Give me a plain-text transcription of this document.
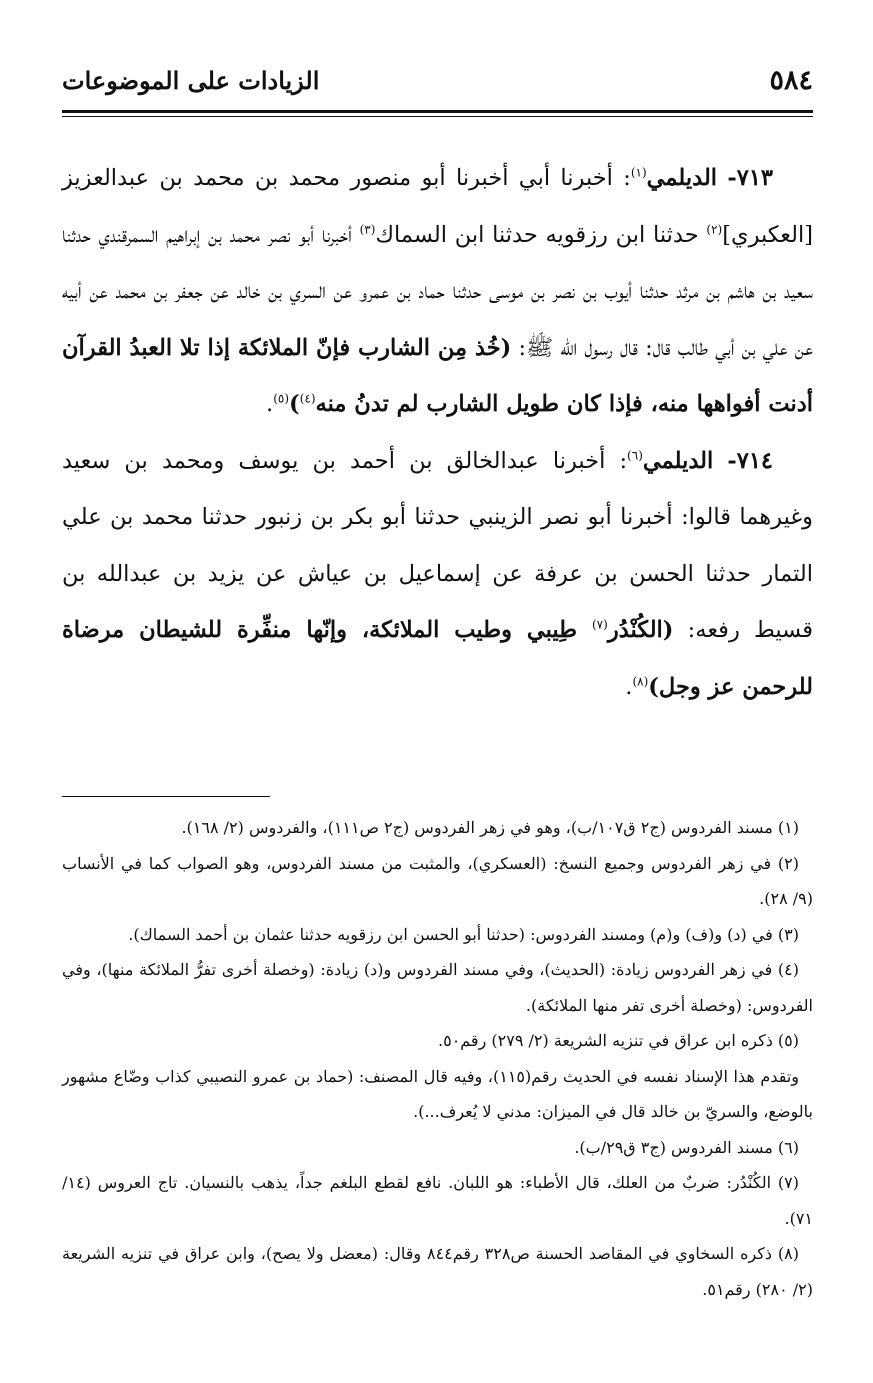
٥٨٤
الزيادات على الموضوعات

٧١٣- الديلمي$^{(١)}$: أخبرنا أبي أخبرنا أبو منصور محمد بن محمد بن عبدالعزيز [العكبري]$^{(٢)}$ حدثنا ابن رزقويه حدثنا ابن السماك$^{(٣)}$ أخبرنا أبو نصر محمد بن إبراهيم السمرقندي حدثنا سعيد بن هاشم بن مرثد حدثنا أيوب بن نصر بن موسى حدثنا حماد بن عمرو عن السري بن خالد عن جعفر بن محمد عن أبيه عن علي بن أبي طالب قال: قال رسول الله ﷺ: (خُذ مِن الشارب فإنّ الملائكة إذا تلا العبدُ القرآن أدنت أفواهها منه، فإذا كان طويل الشارب لم تدنُ منه$^{(٤)}$)$^{(٥)}$.

٧١٤- الديلمي$^{(٦)}$: أخبرنا عبدالخالق بن أحمد بن يوسف ومحمد بن سعيد وغيرهما قالوا: أخبرنا أبو نصر الزينبي حدثنا أبو بكر بن زنبور حدثنا محمد بن علي التمار حدثنا الحسن بن عرفة عن إسماعيل بن عياش عن يزيد بن عبدالله بن قسيط رفعه: (الكُنْدُر$^{(٧)}$ طِيبي وطيب الملائكة، وإنّها منفِّرة للشيطان مرضاة للرحمن عز وجل)$^{(٨)}$.

(١) مسند الفردوس (ج٢ ق١٠٧/ب)، وهو في زهر الفردوس (ج٢ ص١١١)، والفردوس (٢/ ١٦٨).

(٢) في زهر الفردوس وجميع النسخ: (العسكري)، والمثبت من مسند الفردوس، وهو الصواب كما في الأنساب (٩/ ٢٨).

(٣) في (د) و(ف) و(م) ومسند الفردوس: (حدثنا أبو الحسن ابن رزقويه حدثنا عثمان بن أحمد السماك).

(٤) في زهر الفردوس زيادة: (الحديث)، وفي مسند الفردوس و(د) زيادة: (وخصلة أخرى تفرُّ الملائكة منها)، وفي الفردوس: (وخصلة أخرى تفر منها الملائكة).

(٥) ذكره ابن عراق في تنزيه الشريعة (٢/ ٢٧٩) رقم٥٠.

وتقدم هذا الإسناد نفسه في الحديث رقم(١١٥)، وفيه قال المصنف: (حماد بن عمرو النصيبي كذاب وضّاع مشهور بالوضع، والسريّ بن خالد قال في الميزان: مدني لا يُعرف...).

(٦) مسند الفردوس (ج٣ ق٢٩/ب).

(٧) الكُنْدُر: ضربٌ من العلك، قال الأطباء: هو اللبان. نافع لقطع البلغم جداً، يذهب بالنسيان. تاج العروس (١٤/ ٧١).

(٨) ذكره السخاوي في المقاصد الحسنة ص٣٢٨ رقم٨٤٤ وقال: (معضل ولا يصح)، وابن عراق في تنزيه الشريعة (٢/ ٢٨٠) رقم٥١.
